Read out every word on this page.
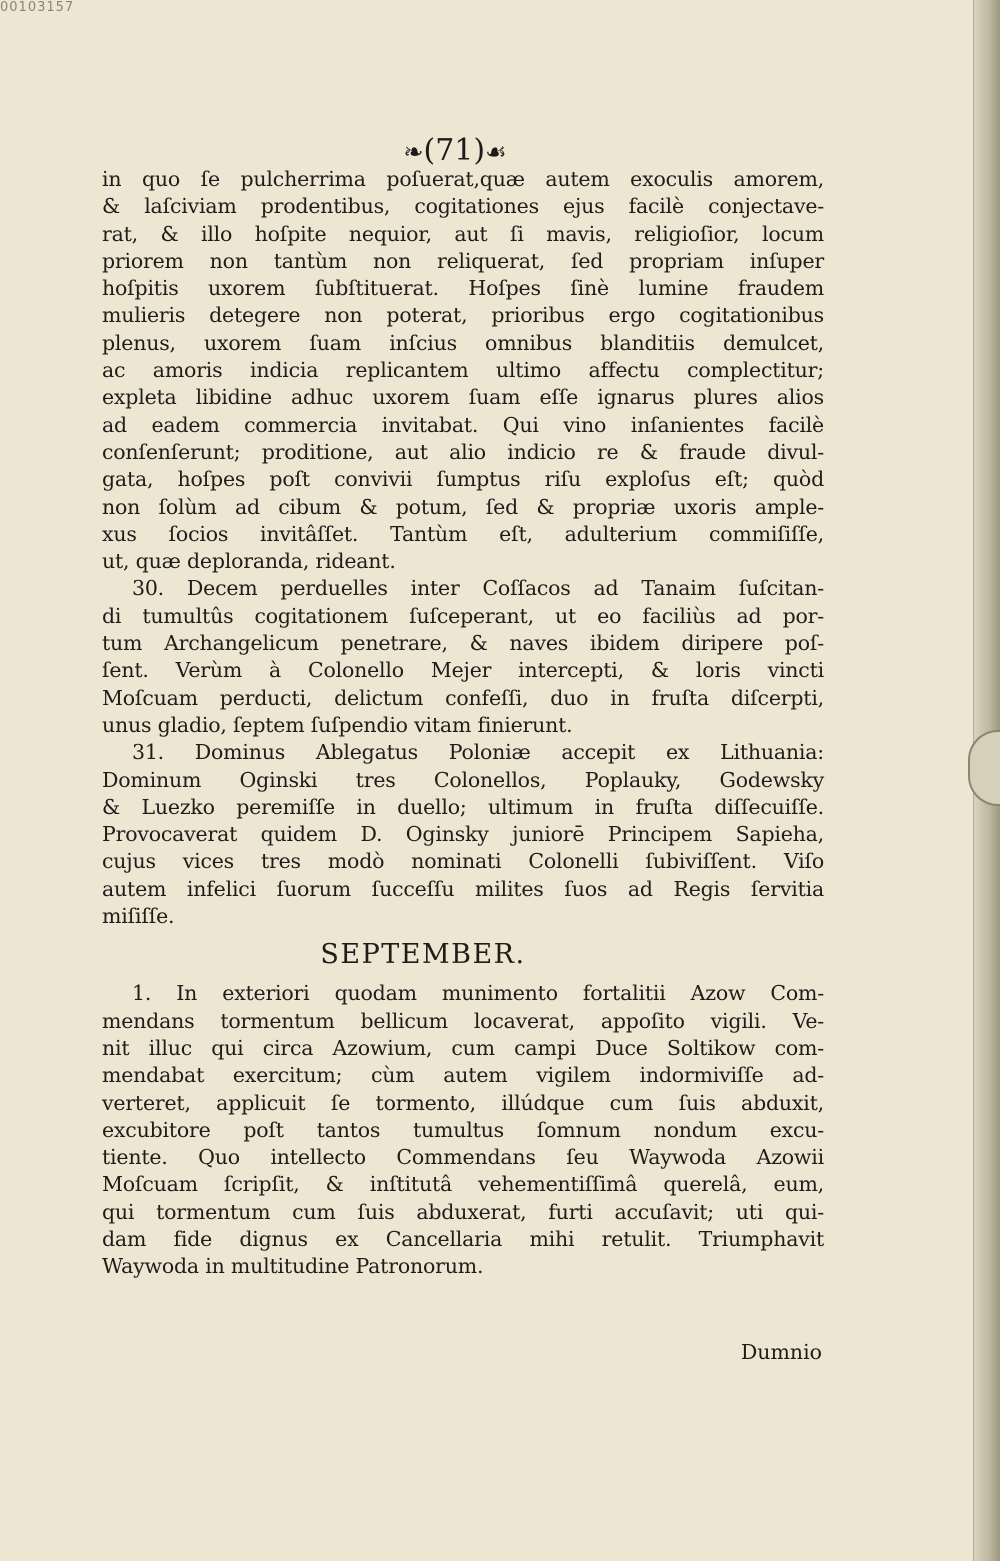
00103157
❧(71)☙
in quo ſe pulcherrima poſuerat,quæ autem exoculis amorem,
& laſciviam prodentibus, cogitationes ejus facilè conjectave-
rat, & illo hoſpite nequior, aut ſi mavis, religioſior, locum
priorem non tantùm non reliquerat, ſed propriam inſuper
hoſpitis uxorem ſubſtituerat. Hoſpes ſinè lumine fraudem
mulieris detegere non poterat, prioribus ergo cogitationibus
plenus, uxorem ſuam inſcius omnibus blanditiis demulcet,
ac amoris indicia replicantem ultimo affectu complectitur;
expleta libidine adhuc uxorem ſuam eſſe ignarus plures alios
ad eadem commercia invitabat. Qui vino inſanientes facilè
conſenſerunt; proditione, aut alio indicio re & fraude divul-
gata, hoſpes poſt convivii ſumptus riſu exploſus eſt; quòd
non ſolùm ad cibum & potum, ſed & propriæ uxoris ample-
xus ſocios invitâſſet. Tantùm eſt, adulterium commiſiſſe,
ut, quæ deploranda, rideant.
30. Decem perduelles inter Coſſacos ad Tanaim ſuſcitan-
di tumultûs cogitationem ſuſceperant, ut eo faciliùs ad por-
tum Archangelicum penetrare, & naves ibidem diripere poſ-
ſent. Verùm à Colonello Mejer intercepti, & loris vincti
Moſcuam perducti, delictum confeſſi, duo in fruſta diſcerpti,
unus gladio, ſeptem ſuſpendio vitam finierunt.
31. Dominus Ablegatus Poloniæ accepit ex Lithuania:
Dominum Oginski tres Colonellos, Poplauky, Godewsky
& Luezko peremiſſe in duello; ultimum in fruſta diſſecuiſſe.
Provocaverat quidem D. Oginsky juniorē Principem Sapieha,
cujus vices tres modò nominati Colonelli ſubiviſſent. Viſo
autem infelici ſuorum ſucceſſu milites ſuos ad Regis ſervitia
miſiſſe.
SEPTEMBER.
1. In exteriori quodam munimento fortalitii Azow Com-
mendans tormentum bellicum locaverat, appoſito vigili. Ve-
nit illuc qui circa Azowium, cum campi Duce Soltikow com-
mendabat exercitum; cùm autem vigilem indormiviſſe ad-
verteret, applicuit ſe tormento, illúdque cum ſuis abduxit,
excubitore poſt tantos tumultus ſomnum nondum excu-
tiente. Quo intellecto Commendans ſeu Waywoda Azowii
Moſcuam ſcripſit, & inſtitutâ vehementiſſimâ querelâ, eum,
qui tormentum cum ſuis abduxerat, furti accuſavit; uti qui-
dam fide dignus ex Cancellaria mihi retulit. Triumphavit
Waywoda in multitudine Patronorum.
Dumnio
